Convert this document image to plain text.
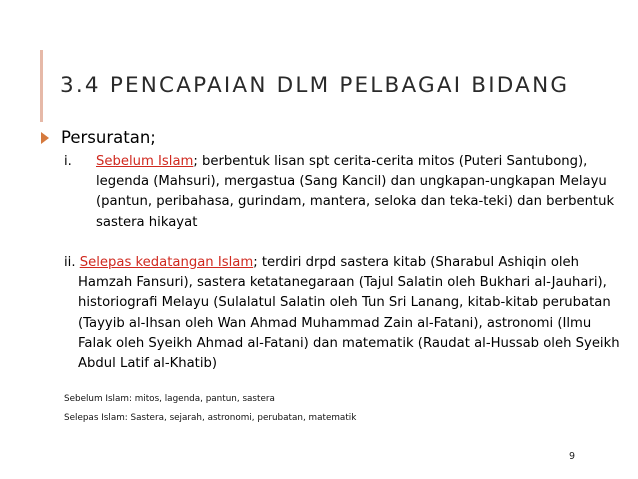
3.4 PENCAPAIAN DLM PELBAGAI BIDANG
Persuratan;
i. Sebelum Islam; berbentuk lisan spt cerita-cerita mitos (Puteri Santubong), legenda (Mahsuri), mergastua (Sang Kancil) dan ungkapan-ungkapan Melayu (pantun, peribahasa, gurindam, mantera, seloka dan teka-teki) dan berbentuk sastera hikayat
ii. Selepas kedatangan Islam; terdiri drpd sastera kitab (Sharabul Ashiqin oleh Hamzah Fansuri), sastera ketatanegaraan (Tajul Salatin oleh Bukhari al-Jauhari), historiografi Melayu (Sulalatul Salatin oleh Tun Sri Lanang, kitab-kitab perubatan (Tayyib al-Ihsan oleh Wan Ahmad Muhammad Zain al-Fatani), astronomi (Ilmu Falak oleh Syeikh Ahmad al-Fatani) dan matematik (Raudat al-Hussab oleh Syeikh Abdul Latif al-Khatib)
Sebelum Islam: mitos, lagenda, pantun, sastera
Selepas Islam: Sastera, sejarah, astronomi, perubatan, matematik
9
